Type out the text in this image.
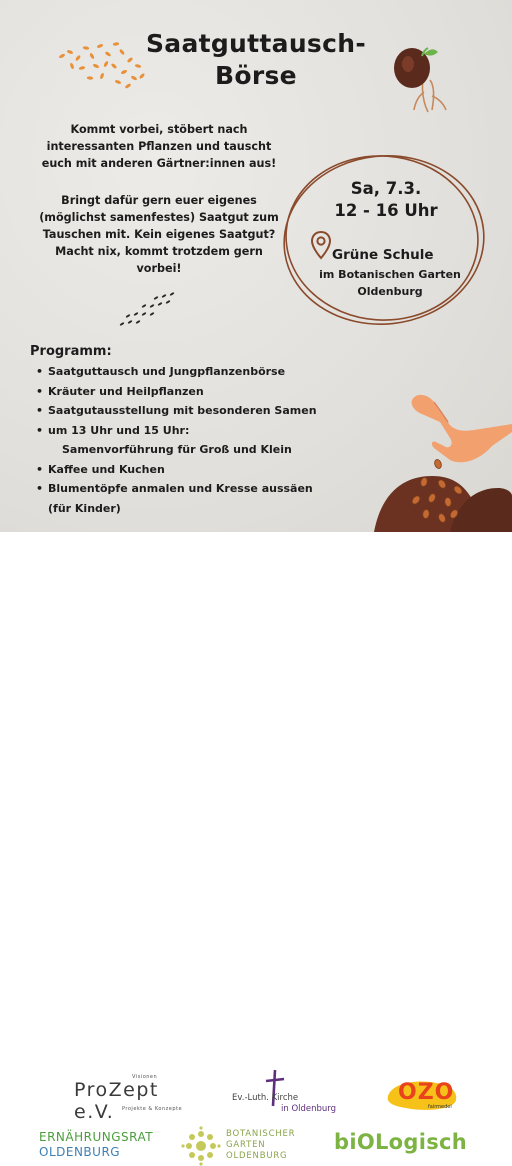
Saatguttausch-
Börse
Kommt vorbei, stöbert nach
interessanten Pflanzen und tauscht
euch mit anderen Gärtner:innen aus!
Bringt dafür gern euer eigenes
(möglichst samenfestes) Saatgut zum
Tauschen mit. Kein eigenes Saatgut?
Macht nix, kommt trotzdem gern
vorbei!
Sa, 7.3.
12 - 16 Uhr
Grüne Schule
im Botanischen Garten
Oldenburg
Programm:
• Saatguttausch und Jungpflanzenbörse
• Kräuter und Heilpflanzen
• Saatgutausstellung mit besonderen Samen
• um 13 Uhr und 15 Uhr:
Samenvorführung für Groß und Klein
• Kaffee und Kuchen
• Blumentöpfe anmalen und Kresse aussäen
(für Kinder)
Visionen
ProZept e.V.	Projekte & Konzepte
Ev.-Luth. Kirche
in Oldenburg
OZO
fairmedel
ERNÄHRUNGSRAT
OLDENBURG
BOTANISCHER
GARTEN
OLDENBURG
biOLogisch
